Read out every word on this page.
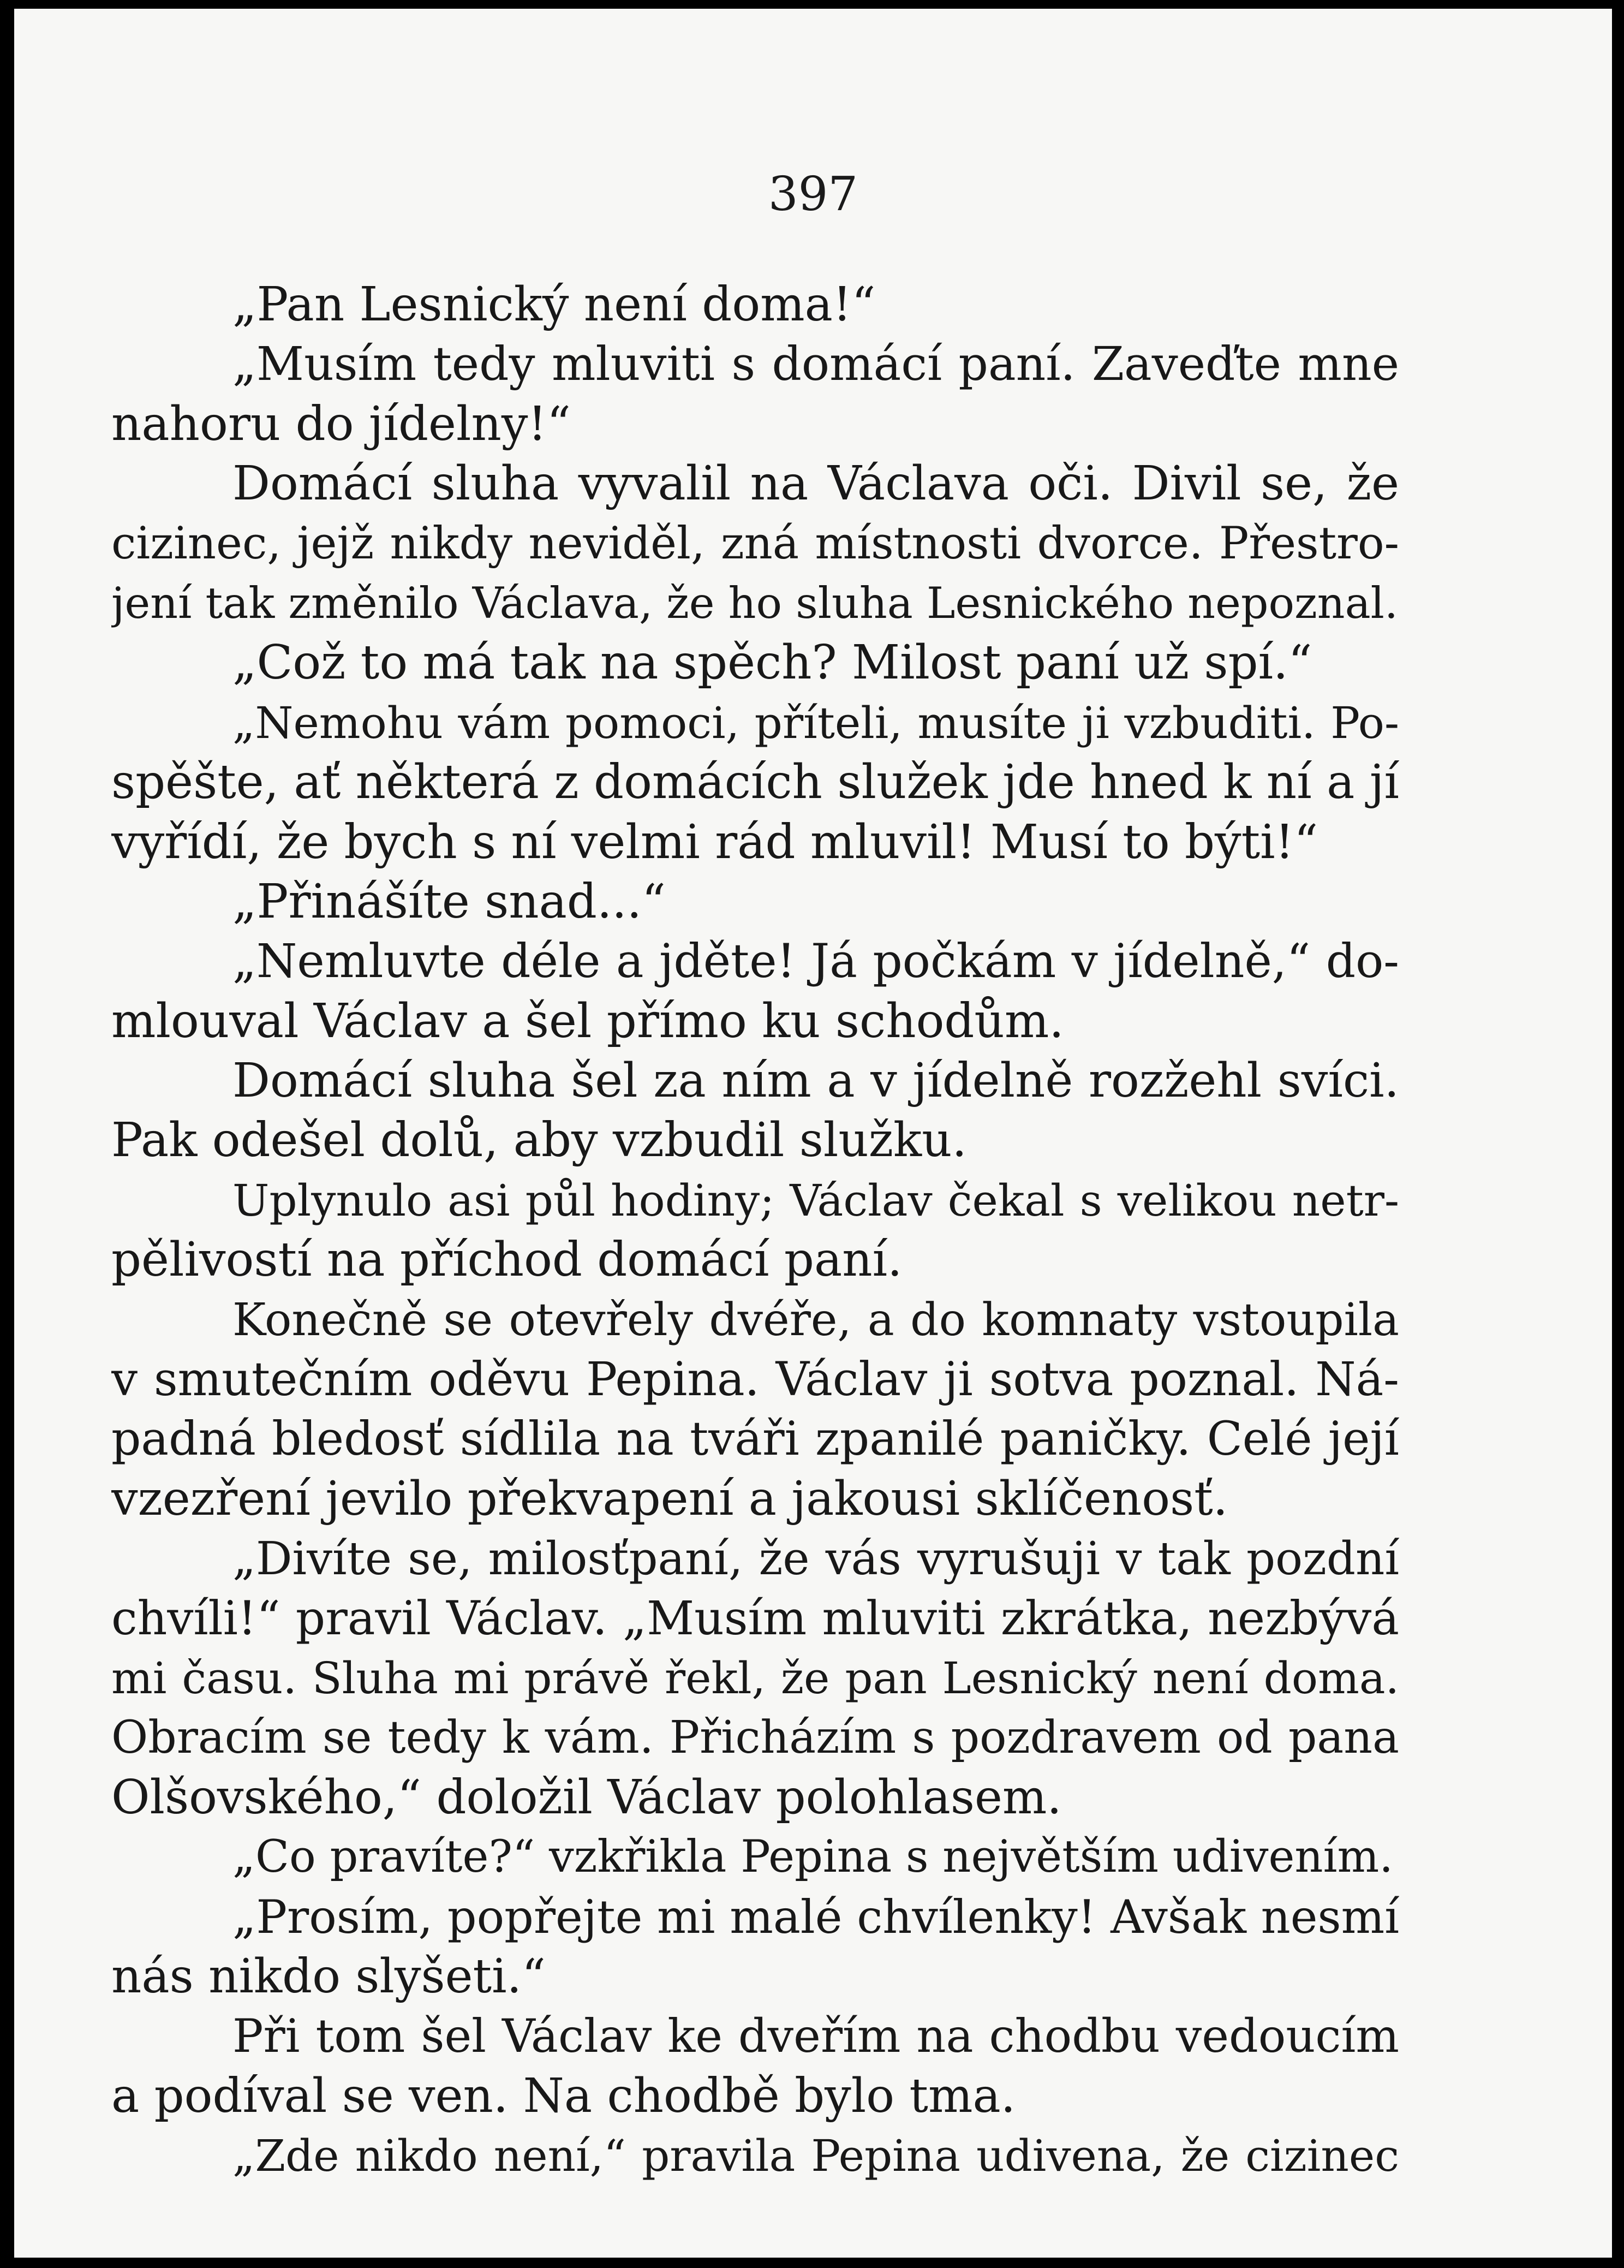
397
„Pan Lesnický není doma!“
„Musím tedy mluviti s domácí paní. Zaveďte mne
nahoru do jídelny!“
Domácí sluha vyvalil na Václava oči. Divil se, že
cizinec, jejž nikdy neviděl, zná místnosti dvorce. Přestro-
jení tak změnilo Václava, že ho sluha Lesnického nepoznal.
„Což to má tak na spěch? Milost paní už spí.“
„Nemohu vám pomoci, příteli, musíte ji vzbuditi. Po-
spěšte, ať některá z domácích služek jde hned k ní a jí
vyřídí, že bych s ní velmi rád mluvil! Musí to býti!“
„Přinášíte snad...“
„Nemluvte déle a jděte! Já počkám v jídelně,“ do-
mlouval Václav a šel přímo ku schodům.
Domácí sluha šel za ním a v jídelně rozžehl svíci.
Pak odešel dolů, aby vzbudil služku.
Uplynulo asi půl hodiny; Václav čekal s velikou netr-
pělivostí na příchod domácí paní.
Konečně se otevřely dvéře, a do komnaty vstoupila
v smutečním oděvu Pepina. Václav ji sotva poznal. Ná-
padná bledosť sídlila na tváři zpanilé paničky. Celé její
vzezření jevilo překvapení a jakousi sklíčenosť.
„Divíte se, milosťpaní, že vás vyrušuji v tak pozdní
chvíli!“ pravil Václav. „Musím mluviti zkrátka, nezbývá
mi času. Sluha mi právě řekl, že pan Lesnický není doma.
Obracím se tedy k vám. Přicházím s pozdravem od pana
Olšovského,“ doložil Václav polohlasem.
„Co pravíte?“ vzkřikla Pepina s největším udivením.
„Prosím, popřejte mi malé chvílenky! Avšak nesmí
nás nikdo slyšeti.“
Při tom šel Václav ke dveřím na chodbu vedoucím
a podíval se ven. Na chodbě bylo tma.
„Zde nikdo není,“ pravila Pepina udivena, že cizinec
